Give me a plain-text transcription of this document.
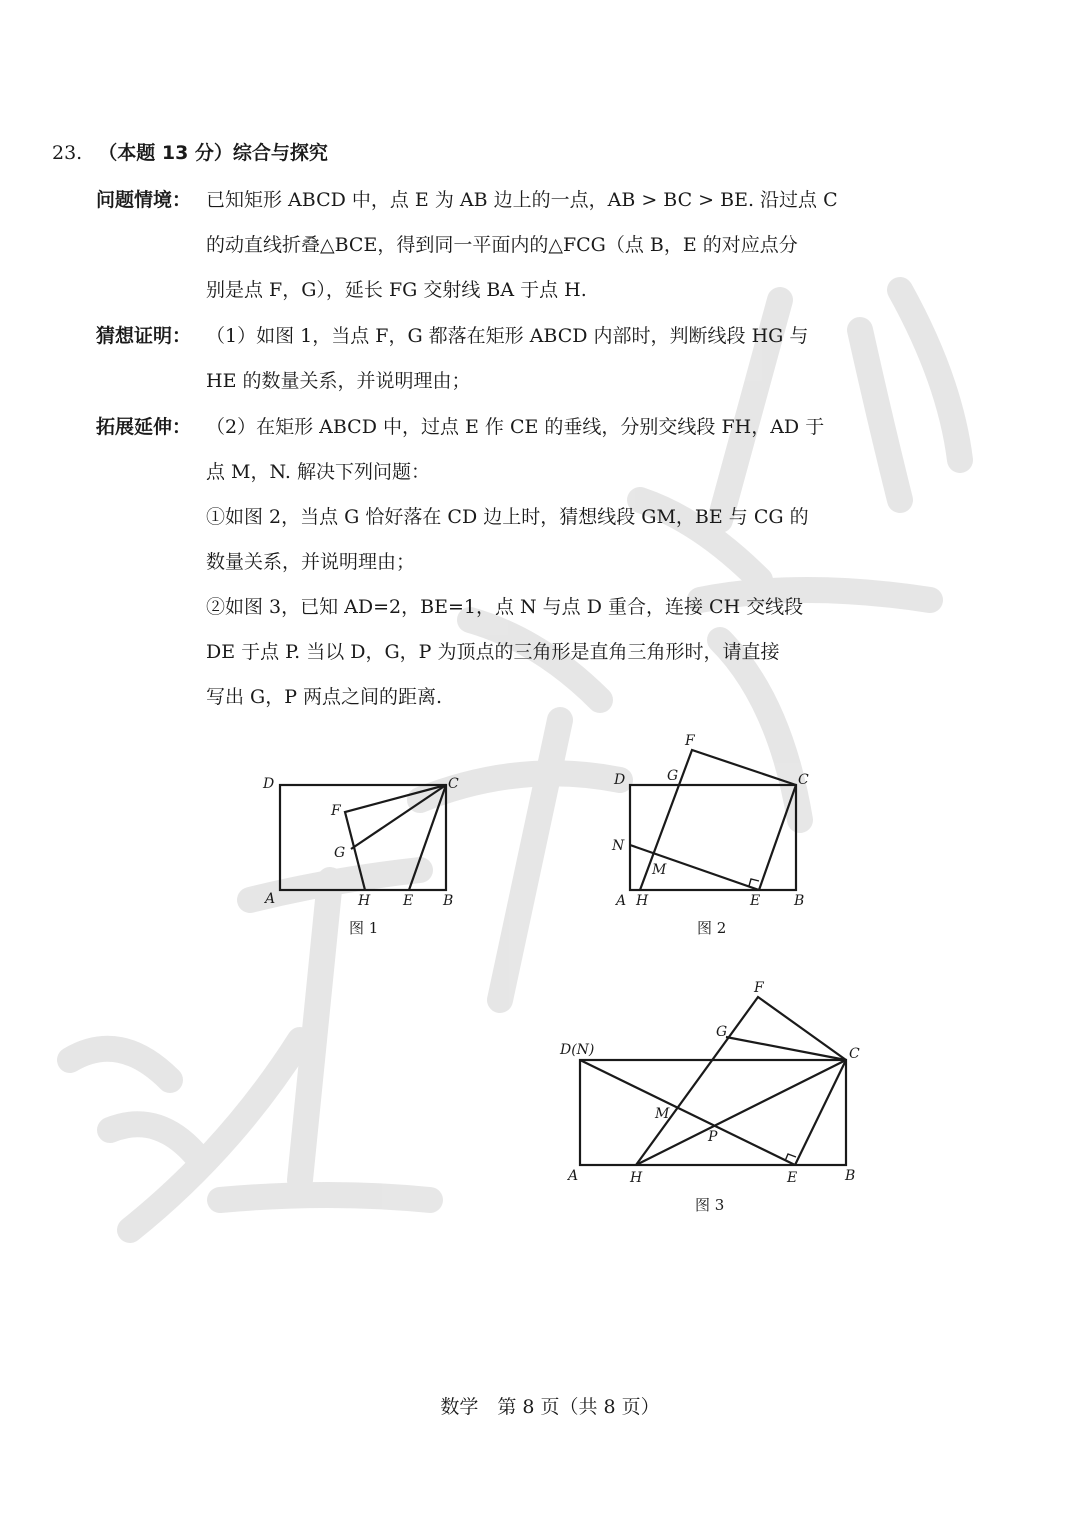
23. （本题 13 分）综合与探究
问题情境： 已知矩形 ABCD 中，点 E 为 AB 边上的一点，AB > BC > BE. 沿过点 C
的动直线折叠△BCE，得到同一平面内的△FCG（点 B，E 的对应点分
别是点 F，G），延长 FG 交射线 BA 于点 H.
猜想证明： （1）如图 1，当点 F，G 都落在矩形 ABCD 内部时，判断线段 HG 与
HE 的数量关系，并说明理由；
拓展延伸： （2）在矩形 ABCD 中，过点 E 作 CE 的垂线，分别交线段 FH，AD 于
点 M，N. 解决下列问题：
①如图 2，当点 G 恰好落在 CD 边上时，猜想线段 GM，BE 与 CG 的
数量关系，并说明理由；
②如图 3，已知 AD=2，BE=1，点 N 与点 D 重合，连接 CH 交线段
DE 于点 P. 当以 D，G，P 为顶点的三角形是直角三角形时，请直接
写出 G，P 两点之间的距离.
D	C
F
G
A	H E B
图 1
F
D	G	C
N
M
A H	E B
图 2
F
G
D(N)	C
M
P
A	H	E	B
图 3
数学　第 8 页（共 8 页）
